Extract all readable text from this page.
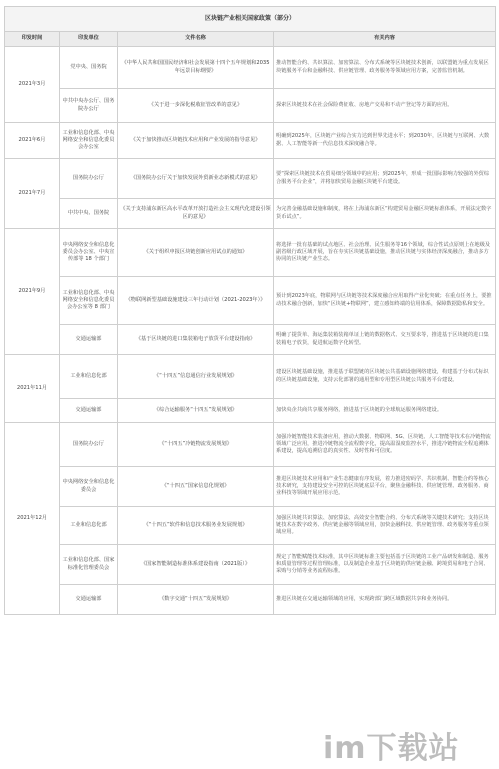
区块链产业相关国家政策（部分）			
印发时间	印发单位	文件名称	有关内容
2021年3月	党中央、国务院	《中华人民共和国国民经济和社会发展第十四个五年规划和2035年远景目标纲要》	推动智能合约、共识算法、加密算法、分布式系统等区块链技术创新，以联盟链为重点发展区块链服务平台和金融科技、供应链管理、政务服务等领域应用方案，完善监管机制。
	中共中央办公厅、国务院办公厅	《关于进一步深化税收征管改革的意见》	探索区块链技术在社会保险费征收、房地产交易和不动产登记等方面的应用。
2021年6月	工业和信息化部、中央网络安全和信息化委员会办公室	《关于加快推动区块链技术应用和产业发展的指导意见》	明确到2025年，区块链产业综合实力达到世界先进水平；到2030年，区块链与互联网、大数据、人工智能等新一代信息技术深度融合等。
2021年7月	国务院办公厅	《国务院办公厅关于加快发展外贸新业态新模式的意见》	要“探索区块链技术在贸易细分领域中的应用；到2025年，形成一批国际影响力较强的外贸综合服务平台企业”，并将加快贸易金融区块链平台建设。
	中共中央、国务院	《关于支持浦东新区高水平改革开放打造社会主义现代化建设引领区的意见》	为完善金融基础设施和制度，将在上海浦东新区“构建贸易金融区块链标准体系，开展法定数字货币试点”。
2021年9月	中央网络安全和信息化委员会办公室、中央宣传部等 18 个部门	《关于组织申报区块链创新应用试点的通知》	将选择一批有基础的试点地区、社会治理、民生服务等16个领域，综合性试点原则上在地级及副省级行政区域开展，旨在夯实区块链基础设施，推动区块链与实体经济深度融合，推动多方协同的区块链产业生态。
	工业和信息化部、中央网络安全和信息化委员会办公室等 8 部门	《物联网新型基础设施建设三年行动计划（2021-2023年）》	预计到2023年底，物联网与区块链等技术深度融合应用取得产业化突破；在重点任务上，要推动技术融合创新，加快“区块链+物联网”，建立感知终端的信用体系，保障数据隐私和安全。
	交通运输部	《基于区块链的进口集装箱电子放货平台建设指南》	明确了提货单、海运集装箱装箱单证上链的数据格式、交互要求等，推进基于区块链的进口集装箱电子放货，促进航运数字化转型。
2021年11月	工业和信息化部	《“十四五”信息通信行业发展规划》	建设区块链基础设施，推进基于联盟链的区块链公共基础设施网络建设，构建基于分布式标识的区块链基础设施，支持云化部署的通用型和专用型区块链公共服务平台建设。
	交通运输部	《综合运输服务“十四五”发展规划》	加快央企共商共享服务网络，推进基于区块链的全球航运服务网络建设。
2021年12月	国务院办公厅	《“十四五”冷链物流发展规划》	加强冷链智能技术装备应用，推动大数据、物联网、5G、区块链、人工智能等技术在冷链物流领域广泛应用，推进冷链物流全流程数字化，提高温湿度监控水平，推进冷链物流全程追溯体系建设，提高追溯信息的真实性、及时性和可信度。
	中央网络安全和信息化委员会	《“十四五”国家信息化规划》	推进区块链技术应用和产业生态健康有序发展，着力推进密码学、共识机制、智能合约等核心技术研究，支持建设安全可控的区块链底层平台，聚焦金融科技、供应链管理、政务服务、商业科技等领域开展应用示范。
	工业和信息化部	《“十四五”软件和信息技术服务业发展规划》	加强区块链共识算法、加密算法、高效安全智能合约、分布式系统等关键技术研究；支持区块链技术在数字政务、供应链金融等领域应用，加快金融科技、供应链管理、政务服务等重点领域应用。
	工业和信息化部、国家标准化管理委员会	《国家智能制造标准体系建设指南（2021版）》	规定了智能赋能技术标准，其中区块链标准主要包括基于区块链的工业产品研发和制造、服务和质量管理等过程管理标准，以及制造企业基于区块链的供应链金融、跨境贸易和电子合同、采购与分销等业务流程标准。
	交通运输部	《数字交通“十四五”发展规划》	推进区块链在交通运输领域的应用，实现跨部门跨区域数据共享和业务协同。
im下载站
